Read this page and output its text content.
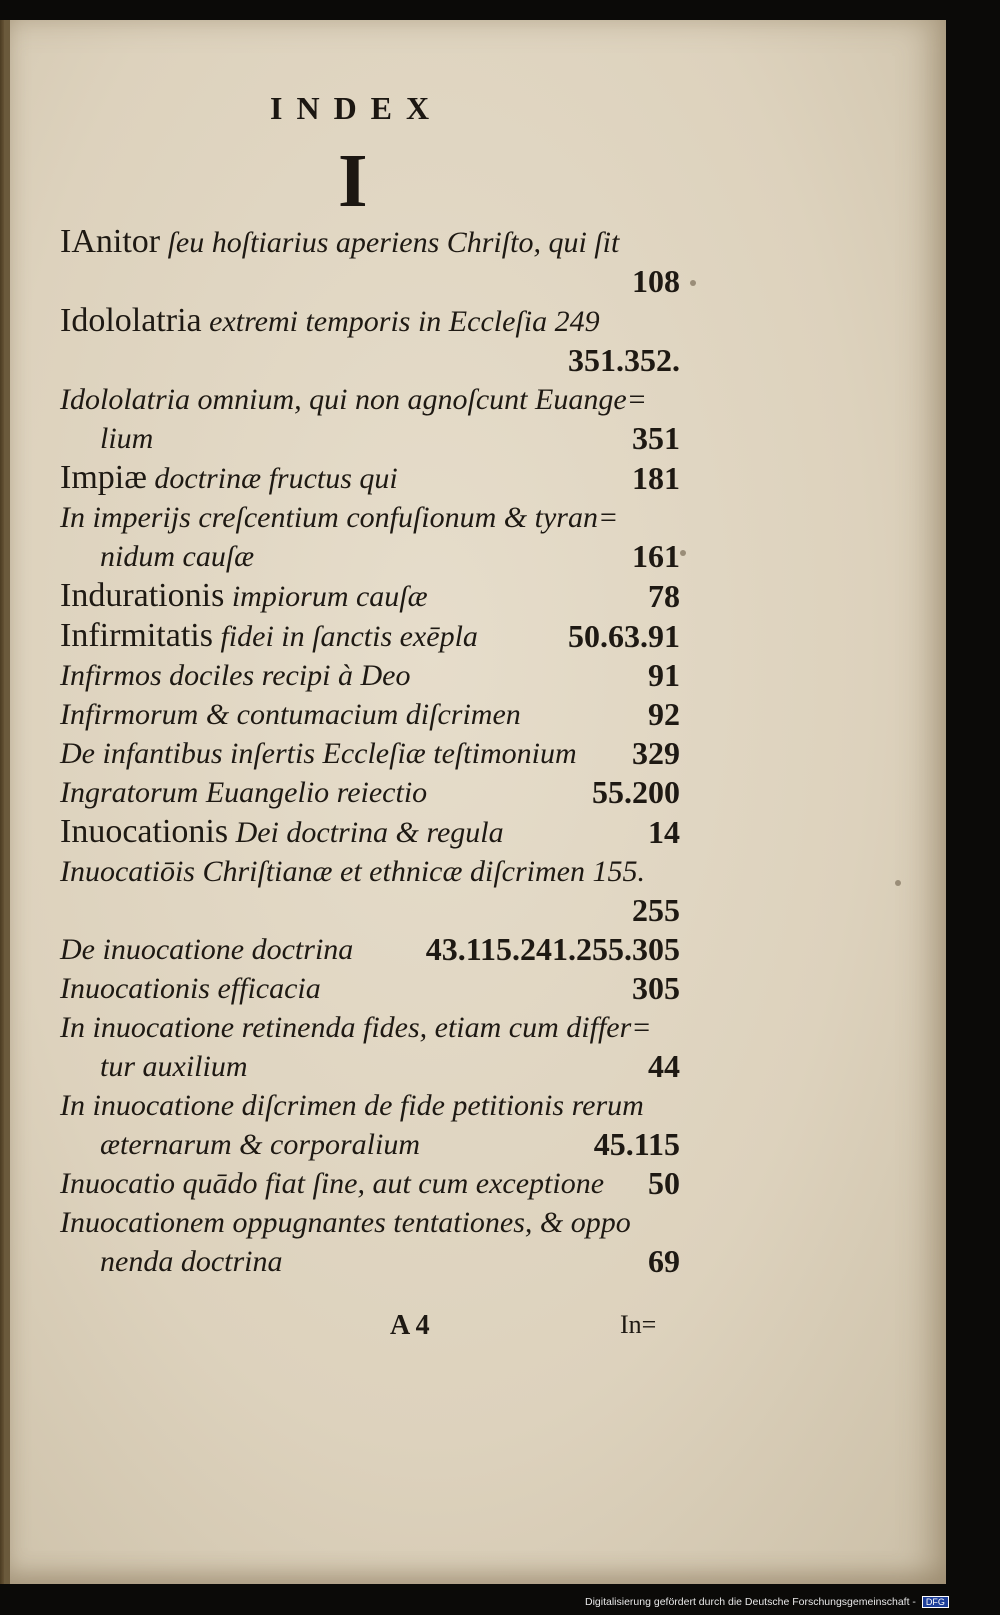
INDEX
I
IAnitor ſeu hoſtiarius aperiens Chriſto, qui ſit
108
Idololatria extremi temporis in Eccleſia 249
351.352.
Idololatria omnium, qui non agnoſcunt Euange=
lium	351
Impiæ doctrinæ fructus qui	181
In imperijs creſcentium confuſionum & tyran=
nidum cauſæ	161
Indurationis impiorum cauſæ	78
Infirmitatis fidei in ſanctis exēpla	50.63.91
Infirmos dociles recipi à Deo	91
Infirmorum & contumacium diſcrimen	92
De infantibus inſertis Eccleſiæ teſtimonium	329
Ingratorum Euangelio reiectio	55.200
Inuocationis Dei doctrina & regula	14
Inuocatiōis Chriſtianæ et ethnicæ diſcrimen 155.
255
De inuocatione doctrina	43.115.241.255.305
Inuocationis efficacia	305
In inuocatione retinenda fides, etiam cum differ=
tur auxilium	44
In inuocatione diſcrimen de fide petitionis rerum
æternarum & corporalium	45.115
Inuocatio quādo fiat ſine, aut cum exceptione	50
Inuocationem oppugnantes tentationes, & oppo
nenda doctrina	69
A 4	In=
Digitalisierung gefördert durch die Deutsche Forschungsgemeinschaft - DFG
